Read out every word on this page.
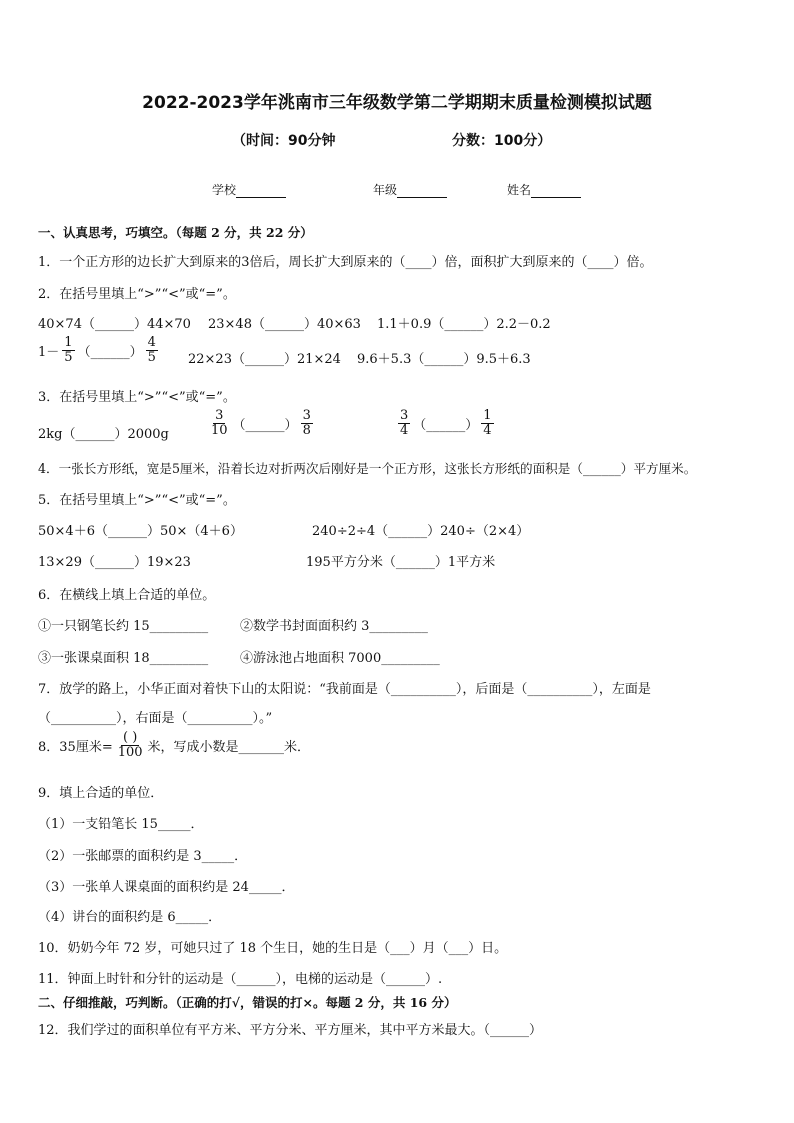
2022-2023学年洮南市三年级数学第二学期期末质量检测模拟试题
（时间：90分钟	分数：100分）
学校	年级	姓名
一、认真思考，巧填空。（每题 2 分，共 22 分）
1．一个正方形的边长扩大到原来的3倍后，周长扩大到原来的（____）倍，面积扩大到原来的（____）倍。
2．在括号里填上“>”“<”或“=”。
40×74（______）44×70 23×48（______）40×63 1.1＋0.9（______）2.2－0.2
$1- \frac{1}{5}$ （______） $\frac{4}{5}$ 22×23（______）21×24 9.6＋5.3（______）9.5＋6.3
3．在括号里填上“>”“<”或“=”。
2kg（______）2000g	$\frac{3}{10}$ （______） $\frac{3}{8}$	$\frac{3}{4}$ （______） $\frac{1}{4}$
4．一张长方形纸，宽是5厘米，沿着长边对折两次后刚好是一个正方形，这张长方形纸的面积是（______）平方厘米。
5．在括号里填上“>”“<”或“=”。
50×4＋6（______）50×（4＋6）	240÷2÷4（______）240÷（2×4）
13×29（______）19×23	195平方分米（______）1平方米
6．在横线上填上合适的单位。
①一只钢笔长约 15_________ ②数学书封面面积约 3_________
③一张课桌面积 18_________ ④游泳池占地面积 7000_________
7．放学的路上，小华正面对着快下山的太阳说：“我前面是（__________），后面是（__________），左面是
（__________），右面是（__________）。”
8．35厘米= $\frac{( )}{100}$ 米，写成小数是_______米．
9．填上合适的单位．
（1）一支铅笔长 15_____．
（2）一张邮票的面积约是 3_____．
（3）一张单人课桌面的面积约是 24_____．
（4）讲台的面积约是 6_____．
10．奶奶今年 72 岁，可她只过了 18 个生日，她的生日是（___）月（___）日。
11．钟面上时针和分针的运动是（______），电梯的运动是（______）.
二、仔细推敲，巧判断。（正确的打√，错误的打×。每题 2 分，共 16 分）
12．我们学过的面积单位有平方米、平方分米、平方厘米，其中平方米最大。（______）
